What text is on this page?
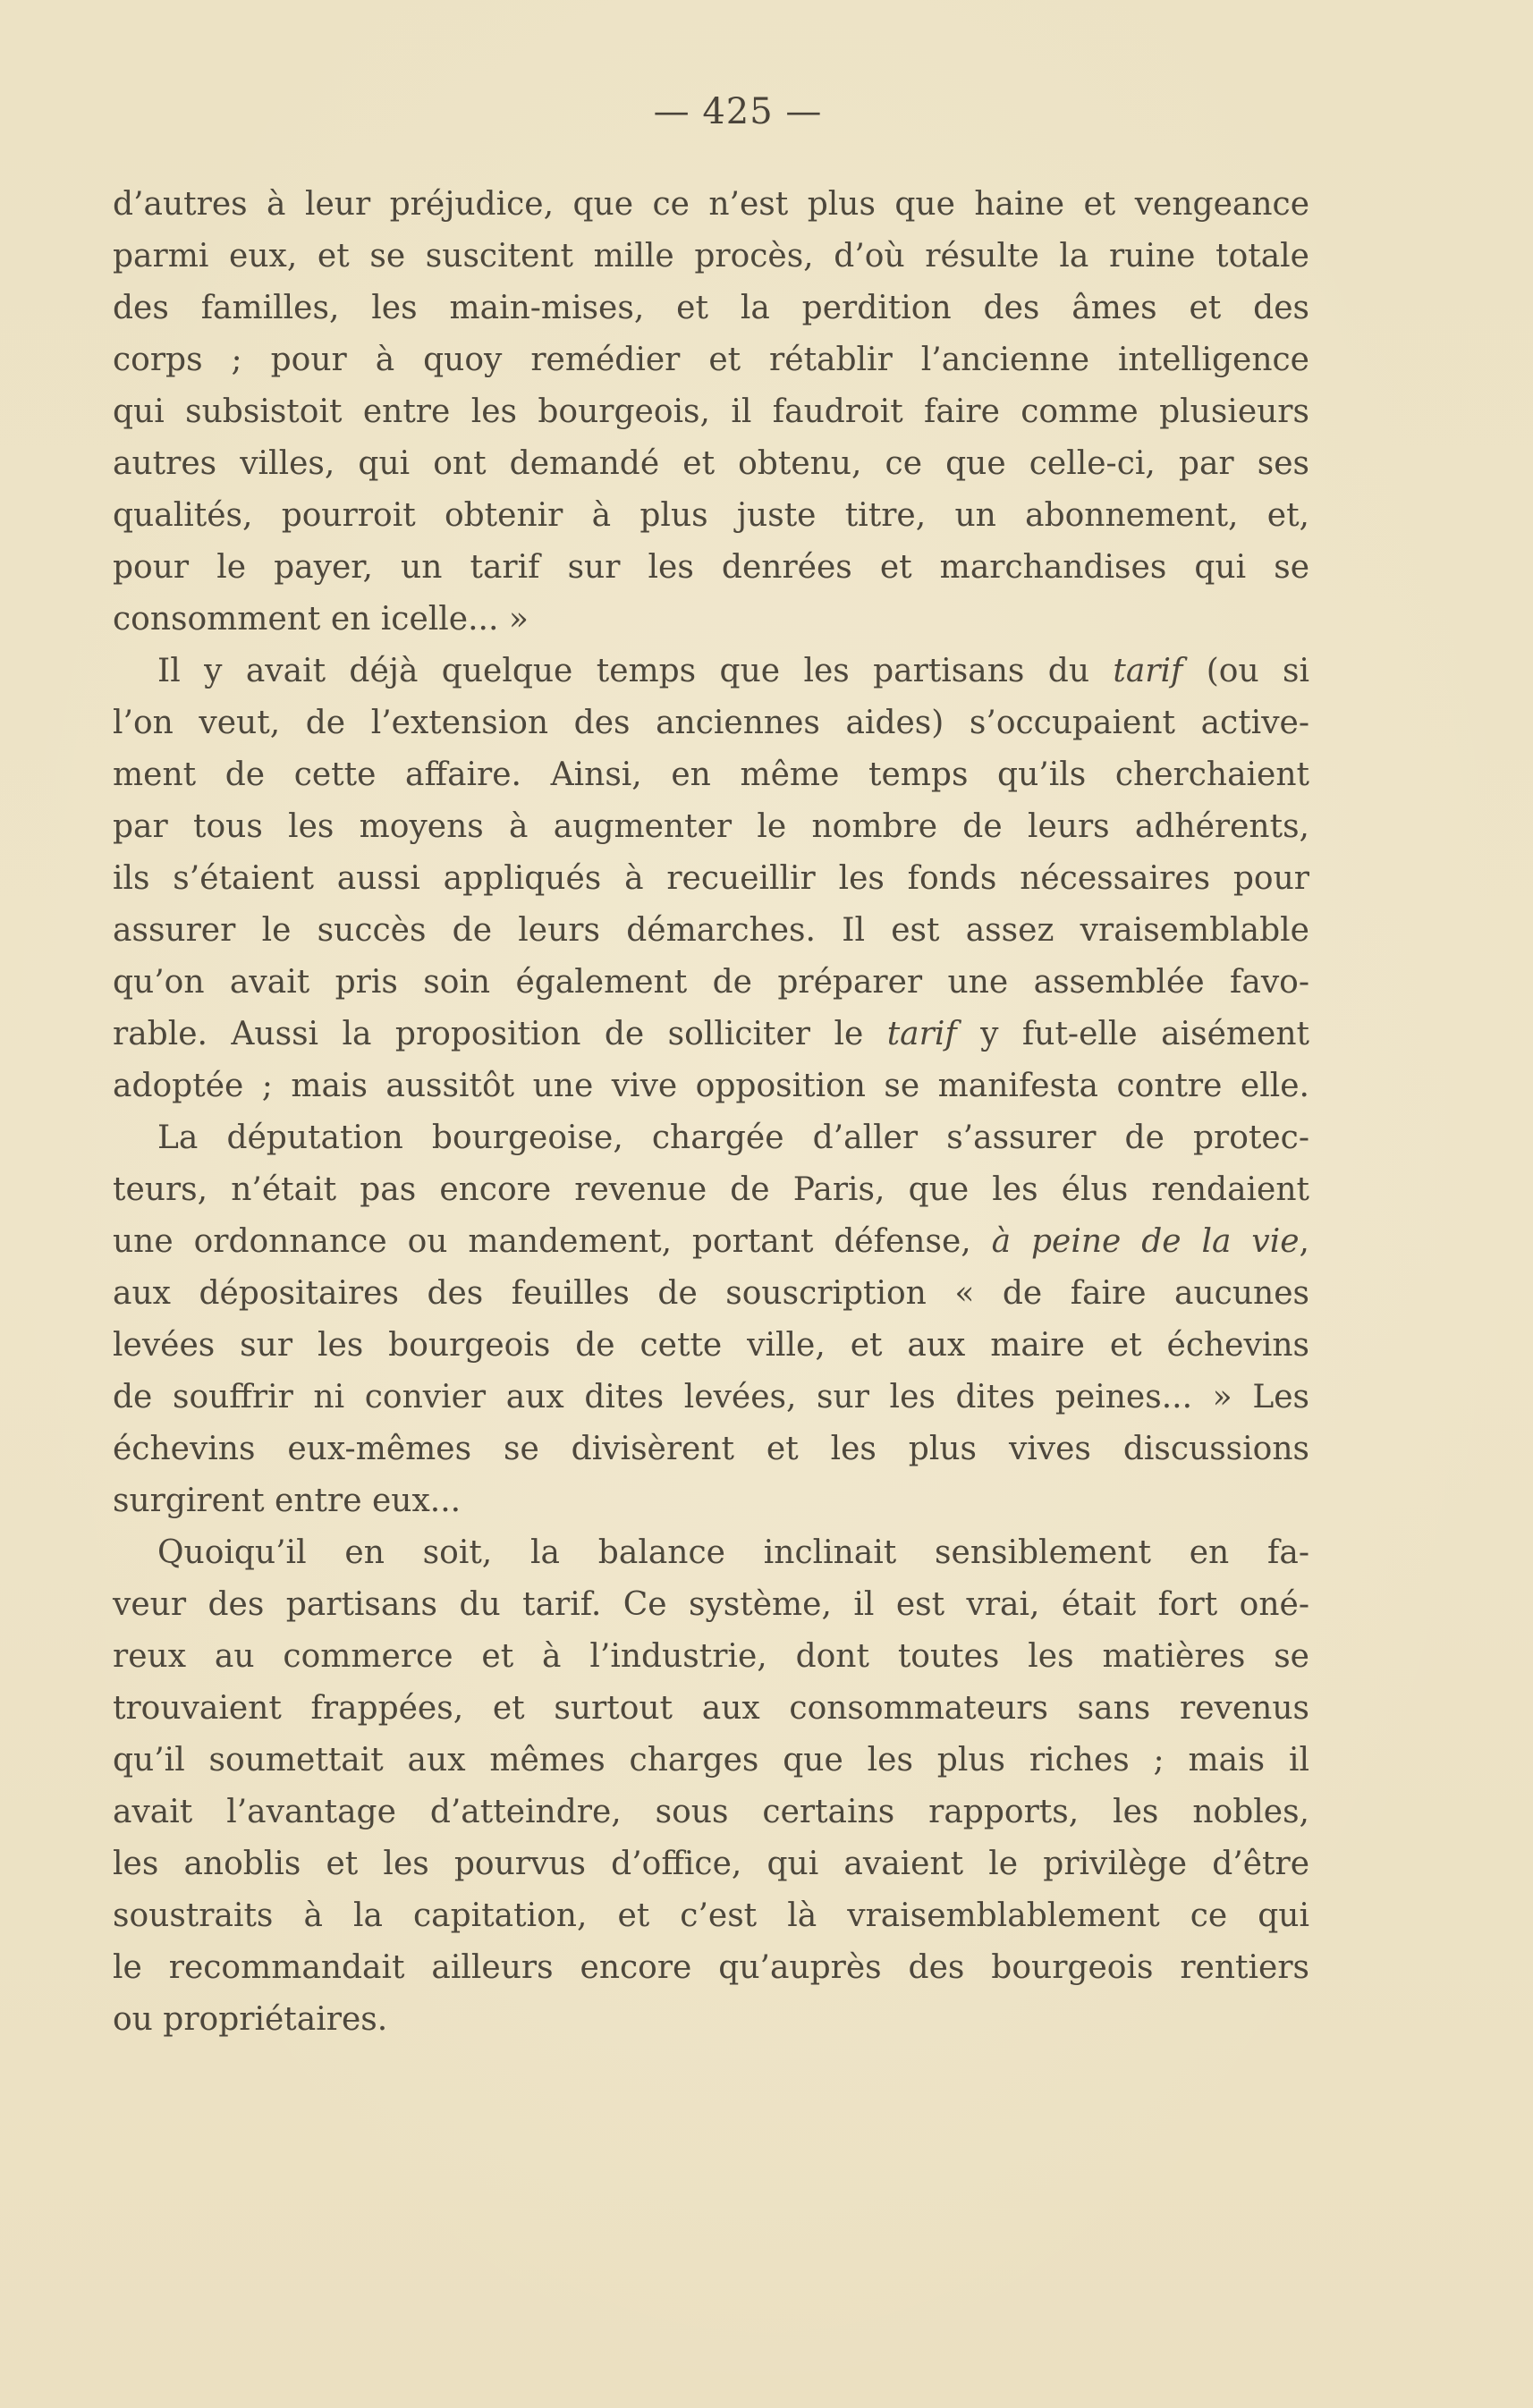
— 425 —
d’autres à leur préjudice, que ce n’est plus que haine et vengeance
parmi eux, et se suscitent mille procès, d’où résulte la ruine totale
des familles, les main-mises, et la perdition des âmes et des
corps ; pour à quoy remédier et rétablir l’ancienne intelligence
qui subsistoit entre les bourgeois, il faudroit faire comme plusieurs
autres villes, qui ont demandé et obtenu, ce que celle-ci, par ses
qualités, pourroit obtenir à plus juste titre, un abonnement, et,
pour le payer, un tarif sur les denrées et marchandises qui se
consomment en icelle... »
Il y avait déjà quelque temps que les partisans du tarif (ou si
l’on veut, de l’extension des anciennes aides) s’occupaient active-
ment de cette affaire. Ainsi, en même temps qu’ils cherchaient
par tous les moyens à augmenter le nombre de leurs adhérents,
ils s’étaient aussi appliqués à recueillir les fonds nécessaires pour
assurer le succès de leurs démarches. Il est assez vraisemblable
qu’on avait pris soin également de préparer une assemblée favo-
rable. Aussi la proposition de solliciter le tarif y fut-elle aisément
adoptée ; mais aussitôt une vive opposition se manifesta contre elle.
La députation bourgeoise, chargée d’aller s’assurer de protec-
teurs, n’était pas encore revenue de Paris, que les élus rendaient
une ordonnance ou mandement, portant défense, à peine de la vie,
aux dépositaires des feuilles de souscription « de faire aucunes
levées sur les bourgeois de cette ville, et aux maire et échevins
de souffrir ni convier aux dites levées, sur les dites peines... » Les
échevins eux-mêmes se divisèrent et les plus vives discussions
surgirent entre eux...
Quoiqu’il en soit, la balance inclinait sensiblement en fa-
veur des partisans du tarif. Ce système, il est vrai, était fort oné-
reux au commerce et à l’industrie, dont toutes les matières se
trouvaient frappées, et surtout aux consommateurs sans revenus
qu’il soumettait aux mêmes charges que les plus riches ; mais il
avait l’avantage d’atteindre, sous certains rapports, les nobles,
les anoblis et les pourvus d’office, qui avaient le privilège d’être
soustraits à la capitation, et c’est là vraisemblablement ce qui
le recommandait ailleurs encore qu’auprès des bourgeois rentiers
ou propriétaires.
